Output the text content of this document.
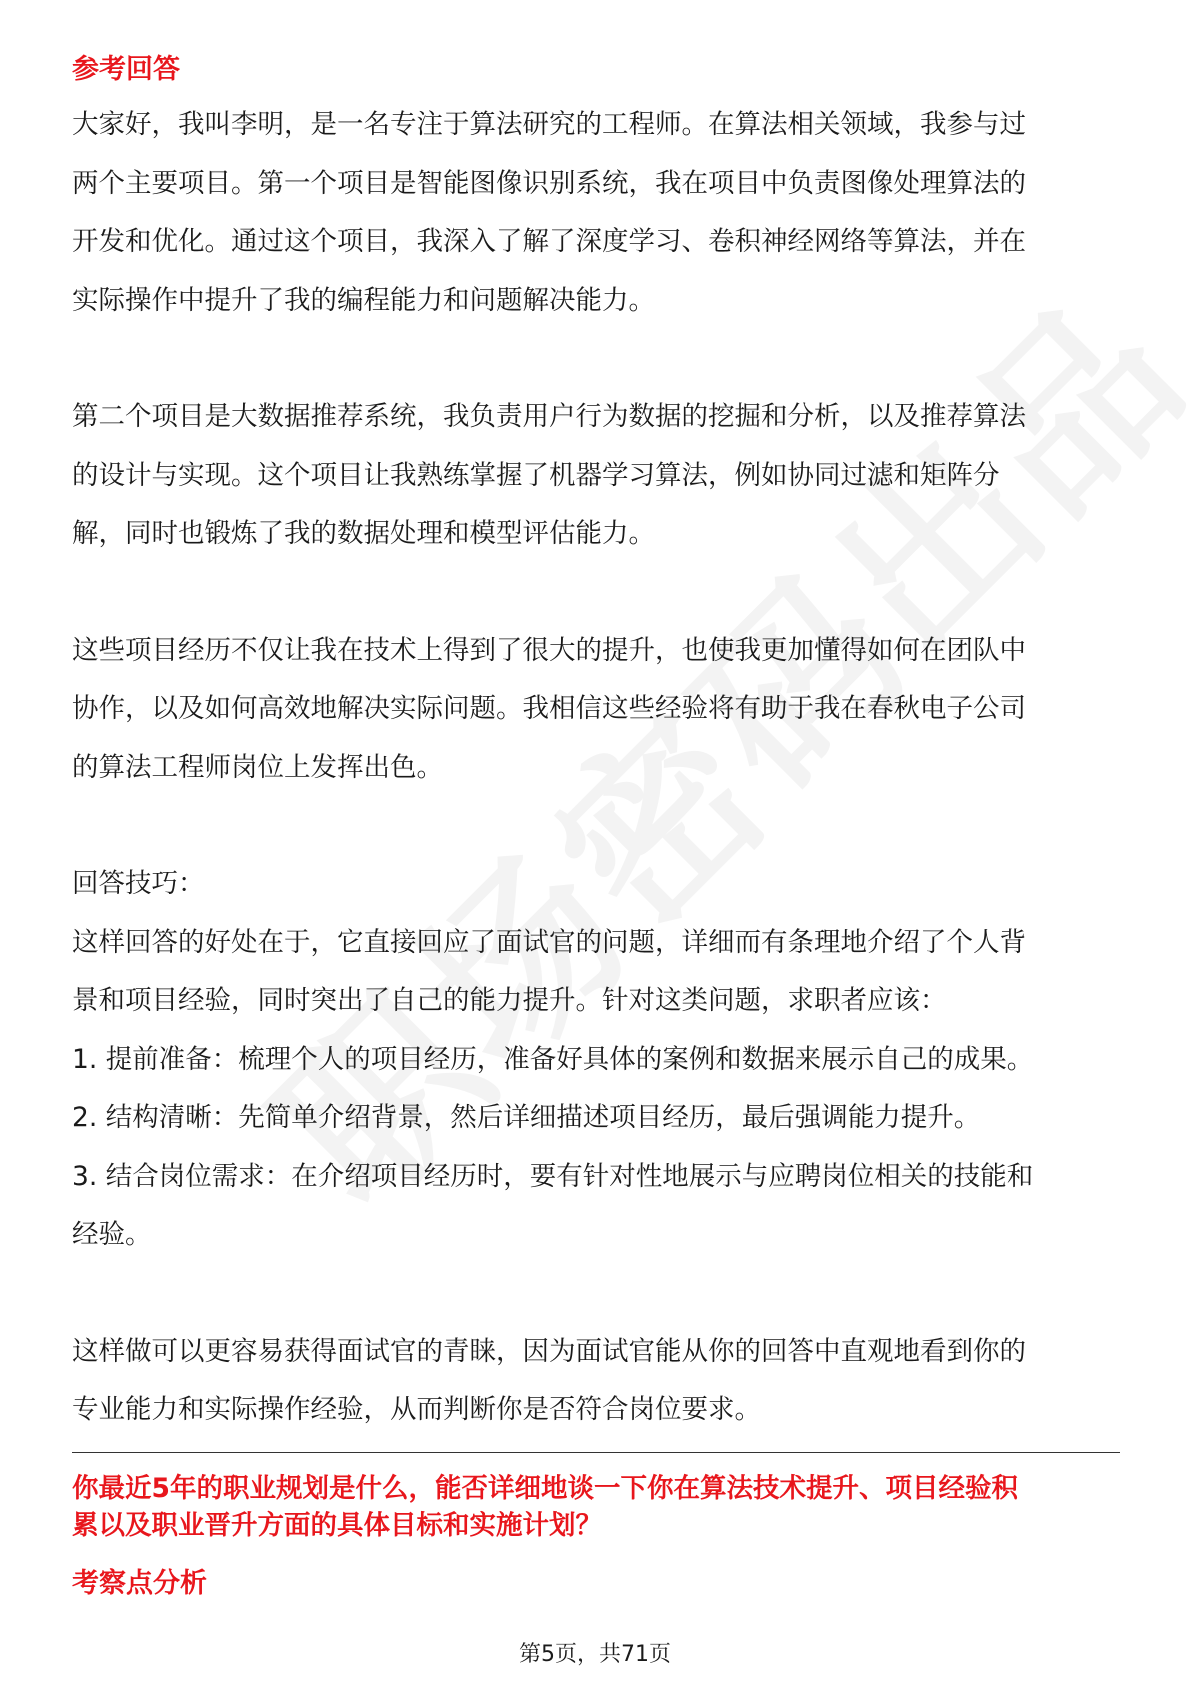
参考回答

大家好，我叫李明，是一名专注于算法研究的工程师。在算法相关领域，我参与过
两个主要项目。第一个项目是智能图像识别系统，我在项目中负责图像处理算法的
开发和优化。通过这个项目，我深入了解了深度学习、卷积神经网络等算法，并在
实际操作中提升了我的编程能力和问题解决能力。
第二个项目是大数据推荐系统，我负责用户行为数据的挖掘和分析，以及推荐算法
的设计与实现。这个项目让我熟练掌握了机器学习算法，例如协同过滤和矩阵分
解，同时也锻炼了我的数据处理和模型评估能力。
这些项目经历不仅让我在技术上得到了很大的提升，也使我更加懂得如何在团队中
协作，以及如何高效地解决实际问题。我相信这些经验将有助于我在春秋电子公司
的算法工程师岗位上发挥出色。
回答技巧：
这样回答的好处在于，它直接回应了面试官的问题，详细而有条理地介绍了个人背
景和项目经验，同时突出了自己的能力提升。针对这类问题，求职者应该：
1. 提前准备：梳理个人的项目经历，准备好具体的案例和数据来展示自己的成果。
2. 结构清晰：先简单介绍背景，然后详细描述项目经历，最后强调能力提升。
3. 结合岗位需求：在介绍项目经历时，要有针对性地展示与应聘岗位相关的技能和
经验。
这样做可以更容易获得面试官的青睐，因为面试官能从你的回答中直观地看到你的
专业能力和实际操作经验，从而判断你是否符合岗位要求。
你最近5年的职业规划是什么，能否详细地谈一下你在算法技术提升、项目经验积
累以及职业晋升方面的具体目标和实施计划？

考察点分析

第5页，共71页
